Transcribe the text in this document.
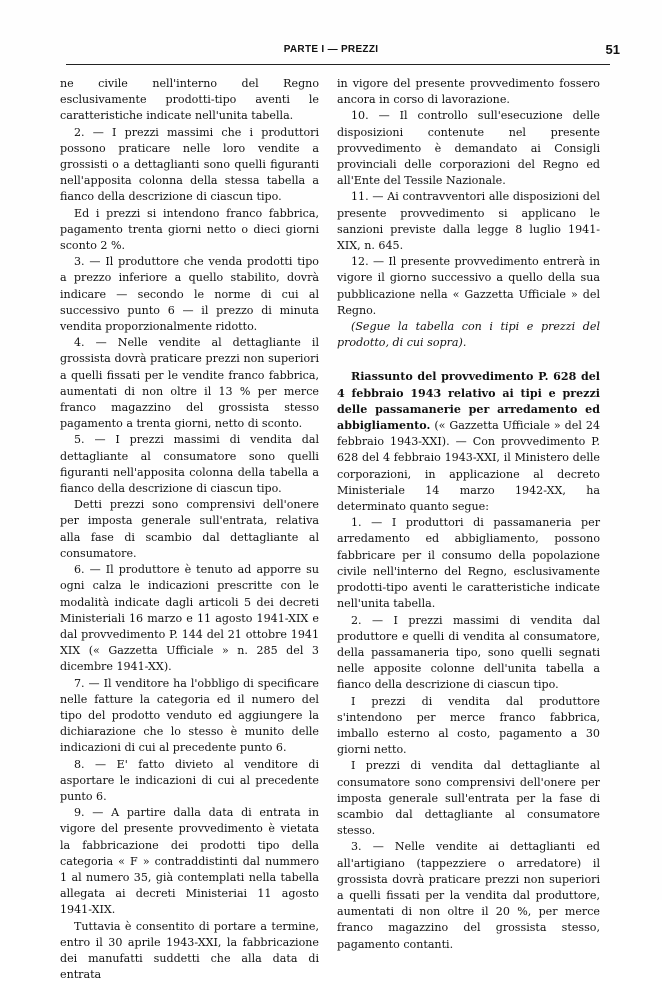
PARTE I — PREZZI	51

ne civile nell'interno del Regno esclusivamente prodotti-tipo aventi le caratteristiche indicate nell'unita tabella.

2. — I prezzi massimi che i produttori possono praticare nelle loro vendite a grossisti o a dettaglianti sono quelli figuranti nell'apposita colonna della stessa tabella a fianco della descrizione di ciascun tipo.

Ed i prezzi si intendono franco fabbrica, pagamento trenta giorni netto o dieci giorni sconto 2 %.

3. — Il produttore che venda prodotti tipo a prezzo inferiore a quello stabilito, dovrà indicare — secondo le norme di cui al successivo punto 6 — il prezzo di minuta vendita proporzionalmente ridotto.

4. — Nelle vendite al dettagliante il grossista dovrà praticare prezzi non superiori a quelli fissati per le vendite franco fabbrica, aumentati di non oltre il 13 % per merce franco magazzino del grossista stesso pagamento a trenta giorni, netto di sconto.

5. — I prezzi massimi di vendita dal dettagliante al consumatore sono quelli figuranti nell'apposita colonna della tabella a fianco della descrizione di ciascun tipo.

Detti prezzi sono comprensivi dell'onere per imposta generale sull'entrata, relativa alla fase di scambio dal dettagliante al consumatore.

6. — Il produttore è tenuto ad apporre su ogni calza le indicazioni prescritte con le modalità indicate dagli articoli 5 dei decreti Ministeriali 16 marzo e 11 agosto 1941-XIX e dal provvedimento P. 144 del 21 ottobre 1941 XIX (« Gazzetta Ufficiale » n. 285 del 3 dicembre 1941-XX).

7. — Il venditore ha l'obbligo di specificare nelle fatture la categoria ed il numero del tipo del prodotto venduto ed aggiungere la dichiarazione che lo stesso è munito delle indicazioni di cui al precedente punto 6.

8. — E' fatto divieto al venditore di asportare le indicazioni di cui al precedente punto 6.

9. — A partire dalla data di entrata in vigore del presente provvedimento è vietata la fabbricazione dei prodotti tipo della categoria « F » contraddistinti dal nummero 1 al numero 35, già contemplati nella tabella allegata ai decreti Ministeriai 11 agosto 1941-XIX.

Tuttavia è consentito di portare a termine, entro il 30 aprile 1943-XXI, la fabbricazione dei manufatti suddetti che alla data di entrata

in vigore del presente provvedimento fossero ancora in corso di lavorazione.

10. — Il controllo sull'esecuzione delle disposizioni contenute nel presente provvedimento è demandato ai Consigli provinciali delle corporazioni del Regno ed all'Ente del Tessile Nazionale.

11. — Ai contravventori alle disposizioni del presente provvedimento si applicano le sanzioni previste dalla legge 8 luglio 1941-XIX, n. 645.

12. — Il presente provvedimento entrerà in vigore il giorno successivo a quello della sua pubblicazione nella « Gazzetta Ufficiale » del Regno.

(Segue la tabella con i tipi e prezzi del prodotto, di cui sopra).

Riassunto del provvedimento P. 628 del 4 febbraio 1943 relativo ai tipi e prezzi delle passamanerie per arredamento ed abbigliamento. (« Gazzetta Ufficiale » del 24 febbraio 1943-XXI). — Con provvedimento P. 628 del 4 febbraio 1943-XXI, il Ministero delle corporazioni, in applicazione al decreto Ministeriale 14 marzo 1942-XX, ha determinato quanto segue:

1. — I produttori di passamaneria per arredamento ed abbigliamento, possono fabbricare per il consumo della popolazione civile nell'interno del Regno, esclusivamente prodotti-tipo aventi le caratteristiche indicate nell'unita tabella.

2. — I prezzi massimi di vendita dal produttore e quelli di vendita al consumatore, della passamaneria tipo, sono quelli segnati nelle apposite colonne dell'unita tabella a fianco della descrizione di ciascun tipo.

I prezzi di vendita dal produttore s'intendono per merce franco fabbrica, imballo esterno al costo, pagamento a 30 giorni netto.

I prezzi di vendita dal dettagliante al consumatore sono comprensivi dell'onere per imposta generale sull'entrata per la fase di scambio dal dettagliante al consumatore stesso.

3. — Nelle vendite ai dettaglianti ed all'artigiano (tappezziere o arredatore) il grossista dovrà praticare prezzi non superiori a quelli fissati per la vendita dal produttore, aumentati di non oltre il 20 %, per merce franco magazzino del grossista stesso, pagamento contanti.
